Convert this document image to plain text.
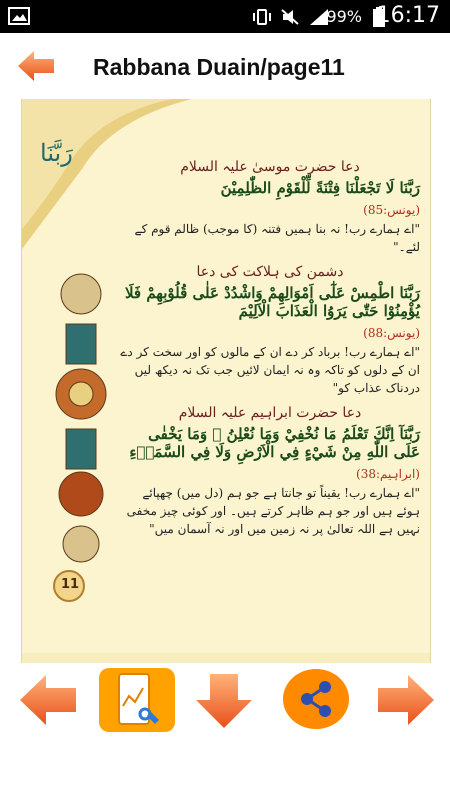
99% 16:17
Rabbana Duain/page11
رَبَّنَا
11

دعا حضرت موسیٰ علیہ السلام

رَبَّنَا لَا تَجْعَلْنَا فِتْنَةً لِّلْقَوْمِ الظّٰلِمِيْنَ

(یونس:85)

"اے ہمارے رب! نہ بنا ہمیں فتنہ (کا موجب) ظالم قوم کے لئے۔"

دشمن کی ہلاکت کی دعا

رَبَّنَا اطْمِسْ عَلٰٓى اَمْوَالِهِمْ وَاشْدُدْ عَلٰى قُلُوْبِهِمْ فَلَا يُؤْمِنُوْا حَتّٰى يَرَوُا الْعَذَابَ الْاَلِيْمَ

(یونس:88)

"اے ہمارے رب! برباد کر دے ان کے مالوں کو اور سخت کر دے ان کے دلوں کو تاکہ وہ نہ ایمان لائیں جب تک نہ دیکھ لیں دردناک عذاب کو"

دعا حضرت ابراہیم علیہ السلام

رَبَّنَآ اِنَّكَ تَعْلَمُ مَا نُخْفِيْ وَمَا نُعْلِنُ ۭ وَمَا يَخْفٰى عَلَى اللّٰهِ مِنْ شَيْءٍ فِي الْاَرْضِ وَلَا فِي السَّمَاۗءِ

(ابراہیم:38)

"اے ہمارے رب! یقیناً تو جانتا ہے جو ہم (دل میں) چھپائے ہوئے ہیں اور جو ہم ظاہر کرتے ہیں۔ اور کوئی چیز مخفی نہیں ہے اللہ تعالیٰ پر نہ زمین میں اور نہ آسمان میں"
